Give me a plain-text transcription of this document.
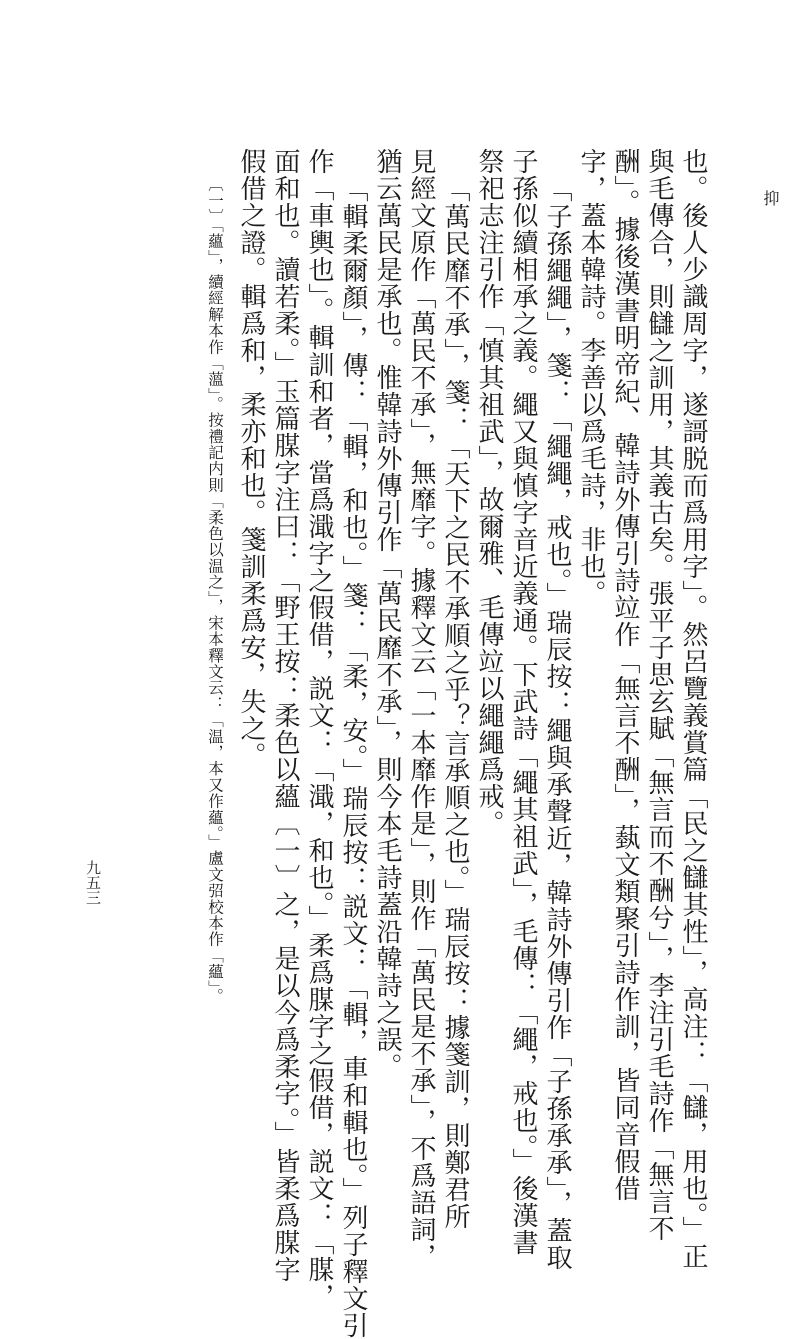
抑
也。後人少識周字，遂謌脱而爲用字」。然呂覽義賞篇「民之讎其性」，高注：「讎，用也。」正
與毛傳合，則讎之訓用，其義古矣。張平子思玄賦「無言而不酬兮」，李注引毛詩作「無言不
酬」。據後漢書明帝紀、韓詩外傳引詩竝作「無言不酬」，蓺文類聚引詩作訓，皆同音假借
字，蓋本韓詩。李善以爲毛詩，非也。
「子孫繩繩」，箋：「繩繩，戒也。」瑞辰按：繩與承聲近，韓詩外傳引作「子孫承承」，蓋取
子孫似續相承之義。繩又與慎字音近義通。下武詩「繩其祖武」，毛傳：「繩，戒也。」後漢書
祭祀志注引作「慎其祖武」，故爾雅、毛傳竝以繩繩爲戒。
「萬民靡不承」，箋：「天下之民不承順之乎？言承順之也。」瑞辰按：據箋訓，則鄭君所
見經文原作「萬民不承」，無靡字。據釋文云「一本靡作是」，則作「萬民是不承」，不爲語詞，
猶云萬民是承也。惟韓詩外傳引作「萬民靡不承」，則今本毛詩蓋沿韓詩之誤。
「輯柔爾顏」，傳：「輯，和也。」箋：「柔，安。」瑞辰按：説文：「輯，車和輯也。」列子釋文引
作「車輿也」。輯訓和者，當爲濈字之假借，説文：「濈，和也。」柔爲腜字之假借，説文：「腜，
面和也。讀若柔。」玉篇腜字注曰：「野王按：柔色以蘊〔一〕之，是以今爲柔字。」皆柔爲腜字
假借之證。輯爲和，柔亦和也。箋訓柔爲安，失之。
〔一〕「蘊」，續經解本作「薀」。按禮記内則「柔色以温之」，宋本釋文云：「温，本又作蘊。」盧文弨校本作「蘊」。
九五三
